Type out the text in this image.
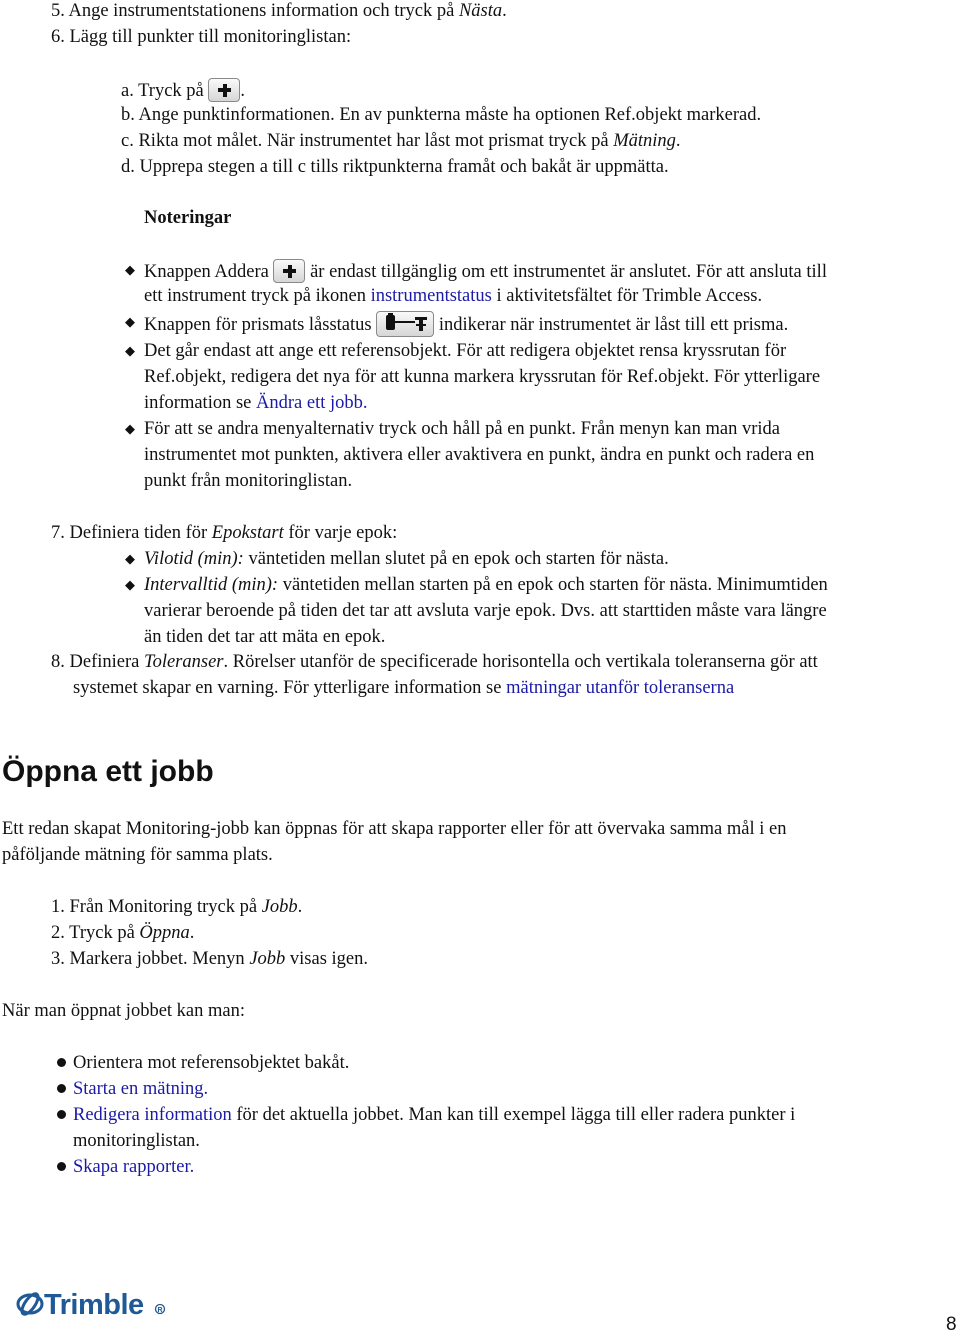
5. Ange instrumentstationens information och tryck på Nästa.
6. Lägg till punkter till monitoringlistan:
a. Tryck på .
b. Ange punktinformationen. En av punkterna måste ha optionen Ref.objekt markerad.
c. Rikta mot målet. När instrumentet har låst mot prismat tryck på Mätning.
d. Upprepa stegen a till c tills riktpunkterna framåt och bakåt är uppmätta.
Noteringar
◆ Knappen Addera  är endast tillgänglig om ett instrumentet är anslutet. För att ansluta till
ett instrument tryck på ikonen instrumentstatus i aktivitetsfältet för Trimble Access.
◆ Knappen för prismats låsstatus	indikerar när instrumentet är låst till ett prisma.
◆ Det går endast att ange ett referensobjekt. För att redigera objektet rensa kryssrutan för
Ref.objekt, redigera det nya för att kunna markera kryssrutan för Ref.objekt. För ytterligare
information se Ändra ett jobb.
◆ För att se andra menyalternativ tryck och håll på en punkt. Från menyn kan man vrida
instrumentet mot punkten, aktivera eller avaktivera en punkt, ändra en punkt och radera en
punkt från monitoringlistan.
7. Definiera tiden för Epokstart för varje epok:
◆ Vilotid (min): väntetiden mellan slutet på en epok och starten för nästa.
◆ Intervalltid (min): väntetiden mellan starten på en epok och starten för nästa. Minimumtiden
varierar beroende på tiden det tar att avsluta varje epok. Dvs. att starttiden måste vara längre
än tiden det tar att mäta en epok.
8. Definiera Toleranser. Rörelser utanför de specificerade horisontella och vertikala toleranserna gör att
systemet skapar en varning. För ytterligare information se mätningar utanför toleranserna
Öppna ett jobb
Ett redan skapat Monitoring-jobb kan öppnas för att skapa rapporter eller för att övervaka samma mål i en
påföljande mätning för samma plats.
1. Från Monitoring tryck på Jobb.
2. Tryck på Öppna.
3. Markera jobbet. Menyn Jobb visas igen.
När man öppnat jobbet kan man:
Orientera mot referensobjektet bakåt.
Starta en mätning.
Redigera information för det aktuella jobbet. Man kan till exempel lägga till eller radera punkter i
monitoringlistan.
Skapa rapporter.
Trimble R
8
